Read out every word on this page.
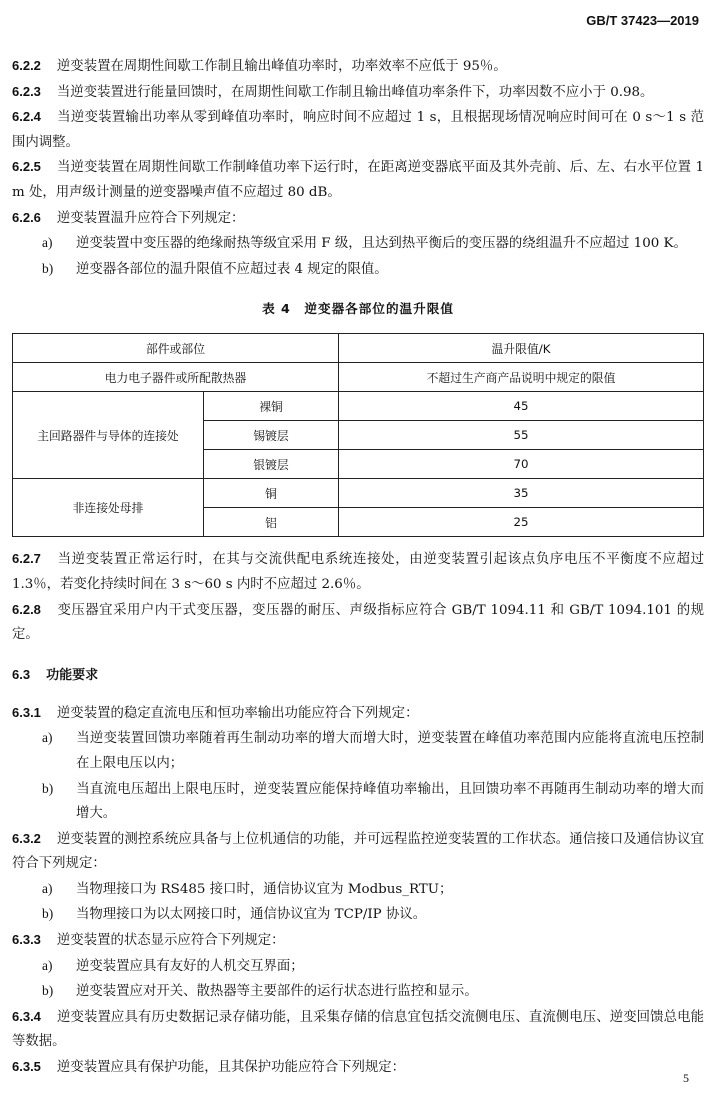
GB/T 37423—2019

6.2.2 逆变装置在周期性间歇工作制且输出峰值功率时，功率效率不应低于 95％。

6.2.3 当逆变装置进行能量回馈时，在周期性间歇工作制且输出峰值功率条件下，功率因数不应小于 0.98。

6.2.4 当逆变装置输出功率从零到峰值功率时，响应时间不应超过 1 s，且根据现场情况响应时间可在 0 s～1 s 范围内调整。

6.2.5 当逆变装置在周期性间歇工作制峰值功率下运行时，在距离逆变器底平面及其外壳前、后、左、右水平位置 1 m 处，用声级计测量的逆变器噪声值不应超过 80 dB。

6.2.6 逆变装置温升应符合下列规定：

a) 逆变装置中变压器的绝缘耐热等级宜采用 F 级，且达到热平衡后的变压器的绕组温升不应超过 100 K。

b) 逆变器各部位的温升限值不应超过表 4 规定的限值。

表 4　逆变器各部位的温升限值
部件或部位		温升限值/K
电力电子器件或所配散热器		不超过生产商产品说明中规定的限值
主回路器件与导体的连接处	裸铜	45
	锡镀层	55
	银镀层	70
非连接处母排	铜	35
	铝	25

6.2.7 当逆变装置正常运行时，在其与交流供配电系统连接处，由逆变装置引起该点负序电压不平衡度不应超过 1.3％，若变化持续时间在 3 s～60 s 内时不应超过 2.6％。

6.2.8 变压器宜采用户内干式变压器，变压器的耐压、声级指标应符合 GB/T 1094.11 和 GB/T 1094.101 的规定。

6.3 功能要求

6.3.1 逆变装置的稳定直流电压和恒功率输出功能应符合下列规定：

a) 当逆变装置回馈功率随着再生制动功率的增大而增大时，逆变装置在峰值功率范围内应能将直流电压控制在上限电压以内；

b) 当直流电压超出上限电压时，逆变装置应能保持峰值功率输出，且回馈功率不再随再生制动功率的增大而增大。

6.3.2 逆变装置的测控系统应具备与上位机通信的功能，并可远程监控逆变装置的工作状态。通信接口及通信协议宜符合下列规定：

a) 当物理接口为 RS485 接口时，通信协议宜为 Modbus_RTU；

b) 当物理接口为以太网接口时，通信协议宜为 TCP/IP 协议。

6.3.3 逆变装置的状态显示应符合下列规定：

a) 逆变装置应具有友好的人机交互界面；

b) 逆变装置应对开关、散热器等主要部件的运行状态进行监控和显示。

6.3.4 逆变装置应具有历史数据记录存储功能，且采集存储的信息宜包括交流侧电压、直流侧电压、逆变回馈总电能等数据。

6.3.5 逆变装置应具有保护功能，且其保护功能应符合下列规定：

5
